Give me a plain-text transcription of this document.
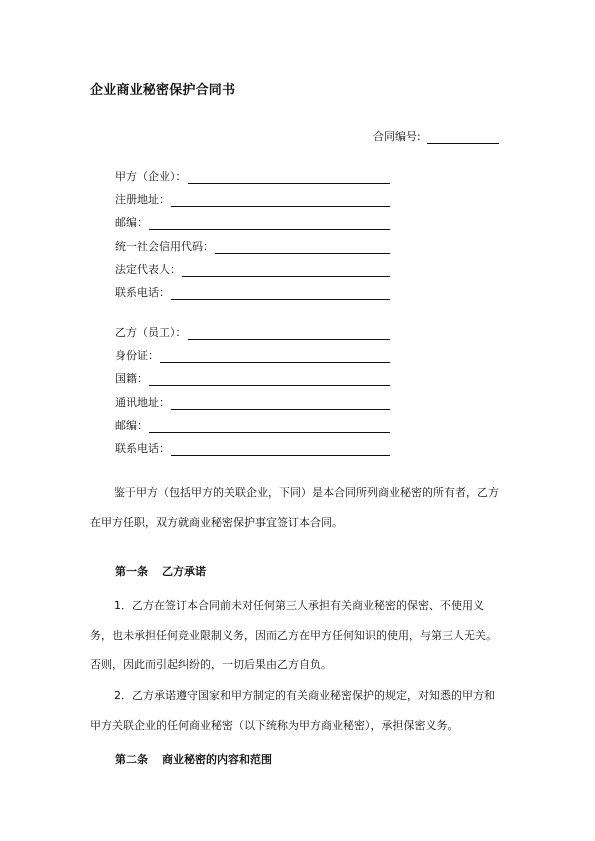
企业商业秘密保护合同书
合同编号:
甲方（企业）：
注册地址：
邮编：
统一社会信用代码：
法定代表人：
联系电话：
乙方（员工）：
身份证：
国籍：
通讯地址：
邮编：
联系电话：

鉴于甲方（包括甲方的关联企业，下同）是本合同所列商业秘密的所有者，乙方在甲方任职，双方就商业秘密保护事宜签订本合同。

第一条 乙方承诺

1．乙方在签订本合同前未对任何第三人承担有关商业秘密的保密、不使用义务，也未承担任何竞业限制义务，因而乙方在甲方任何知识的使用，与第三人无关。否则，因此而引起纠纷的，一切后果由乙方自负。

2．乙方承诺遵守国家和甲方制定的有关商业秘密保护的规定，对知悉的甲方和甲方关联企业的任何商业秘密（以下统称为甲方商业秘密），承担保密义务。

第二条 商业秘密的内容和范围
